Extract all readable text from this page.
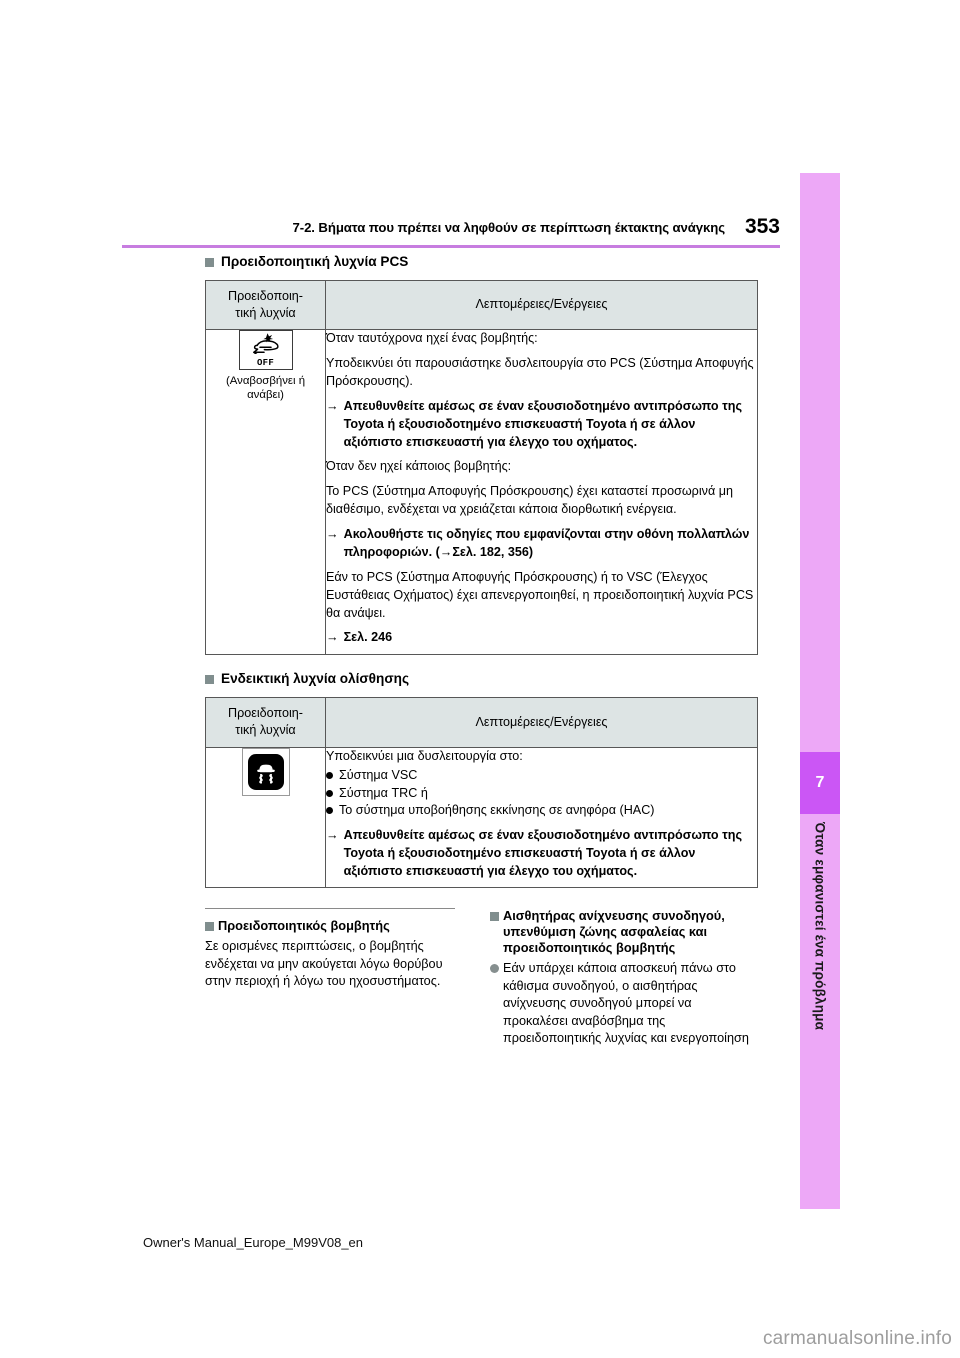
7
Όταν εμφανιστεί ένα πρόβλημα
7-2. Βήματα που πρέπει να ληφθούν σε περίπτωση έκτακτης ανάγκης 353
Προειδοποιητική λυχνία PCS
Προειδοποιη-
τική λυχνία	Λεπτομέρειες/Ενέργειες

OFF
(Αναβοσβήνει ή
ανάβει)

Όταν ταυτόχρονα ηχεί ένας βομβητής:

Υποδεικνύει ότι παρουσιάστηκε δυσλειτουργία στο PCS (Σύστημα Αποφυγής Πρόσκρουσης).

→ Απευθυνθείτε αμέσως σε έναν εξουσιοδοτημένο αντιπρόσωπο της Toyota ή εξουσιοδοτημένο επισκευαστή Toyota ή σε άλλον αξιόπιστο επισκευαστή για έλεγχο του οχήματος.

Όταν δεν ηχεί κάποιος βομβητής:

Το PCS (Σύστημα Αποφυγής Πρόσκρουσης) έχει καταστεί προσωρινά μη διαθέσιμο, ενδέχεται να χρειάζεται κάποια διορθωτική ενέργεια.

→ Ακολουθήστε τις οδηγίες που εμφανίζονται στην οθόνη πολλαπλών πληροφοριών. (→Σελ. 182, 356)

Εάν το PCS (Σύστημα Αποφυγής Πρόσκρουσης) ή το VSC (Έλεγχος Ευστάθειας Οχήματος) έχει απενεργοποιηθεί, η προειδοποιητική λυχνία PCS θα ανάψει.

→ Σελ. 246
Ενδεικτική λυχνία ολίσθησης
Προειδοποιη-
τική λυχνία	Λεπτομέρειες/Ενέργειες

Υποδεικνύει μια δυσλειτουργία στο:

Σύστημα VSC
Σύστημα TRC ή
Το σύστημα υποβοήθησης εκκίνησης σε ανηφόρα (HAC)
→ Απευθυνθείτε αμέσως σε έναν εξουσιοδοτημένο αντιπρόσωπο της Toyota ή εξουσιοδοτημένο επισκευαστή Toyota ή σε άλλον αξιόπιστο επισκευαστή για έλεγχο του οχήματος.
Προειδοποιητικός βομβητής
Σε ορισμένες περιπτώσεις, ο βομβητής ενδέχεται να μην ακούγεται λόγω θορύβου στην περιοχή ή λόγω του ηχοσυστήματος.
Αισθητήρας ανίχνευσης συνοδηγού, υπενθύμιση ζώνης ασφαλείας και προειδοποιητικός βομβητής
Εάν υπάρχει κάποια αποσκευή πάνω στο κάθισμα συνοδηγού, ο αισθητήρας ανίχνευσης συνοδηγού μπορεί να προκαλέσει αναβόσβημα της προειδοποιητικής λυχνίας και ενεργοποίηση
Owner's Manual_Europe_M99V08_en
carmanualsonline.info
